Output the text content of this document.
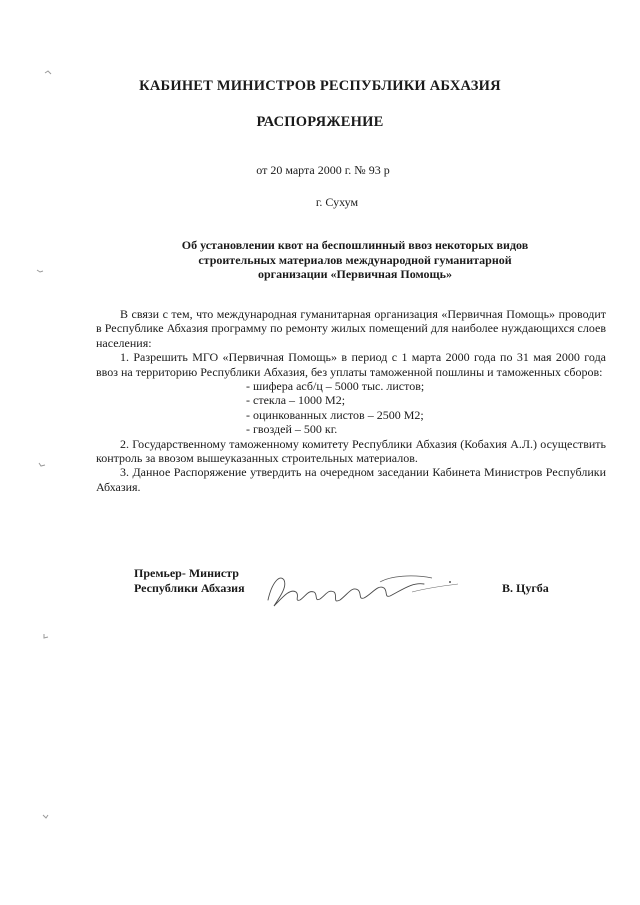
КАБИНЕТ МИНИСТРОВ РЕСПУБЛИКИ АБХАЗИЯ
РАСПОРЯЖЕНИЕ
от 20 марта 2000 г. № 93 р
г. Сухум
Об установлении квот на беспошлинный ввоз некоторых видов
строительных материалов международной гуманитарной
организации «Первичная Помощь»

В связи с тем, что международная гуманитарная организация «Первичная Помощь» проводит в Республике Абхазия программу по ремонту жилых помещений для наиболее нуждающихся слоев населения:

1. Разрешить МГО «Первичная Помощь» в период с 1 марта 2000 года по 31 мая 2000 года ввоз на территорию Республики Абхазия, без уплаты таможенной пошлины и таможенных сборов:

- шифера асб/ц – 5000 тыс. листов;
- стекла – 1000 М2;
- оцинкованных листов – 2500 М2;
- гвоздей – 500 кг.

2. Государственному таможенному комитету Республики Абхазия (Кобахия А.Л.) осуществить контроль за ввозом вышеуказанных строительных материалов.

3. Данное Распоряжение утвердить на очередном заседании Кабинета Министров Республики Абхазия.

Премьер- Министр
Республики Абхазия	В. Цугба
